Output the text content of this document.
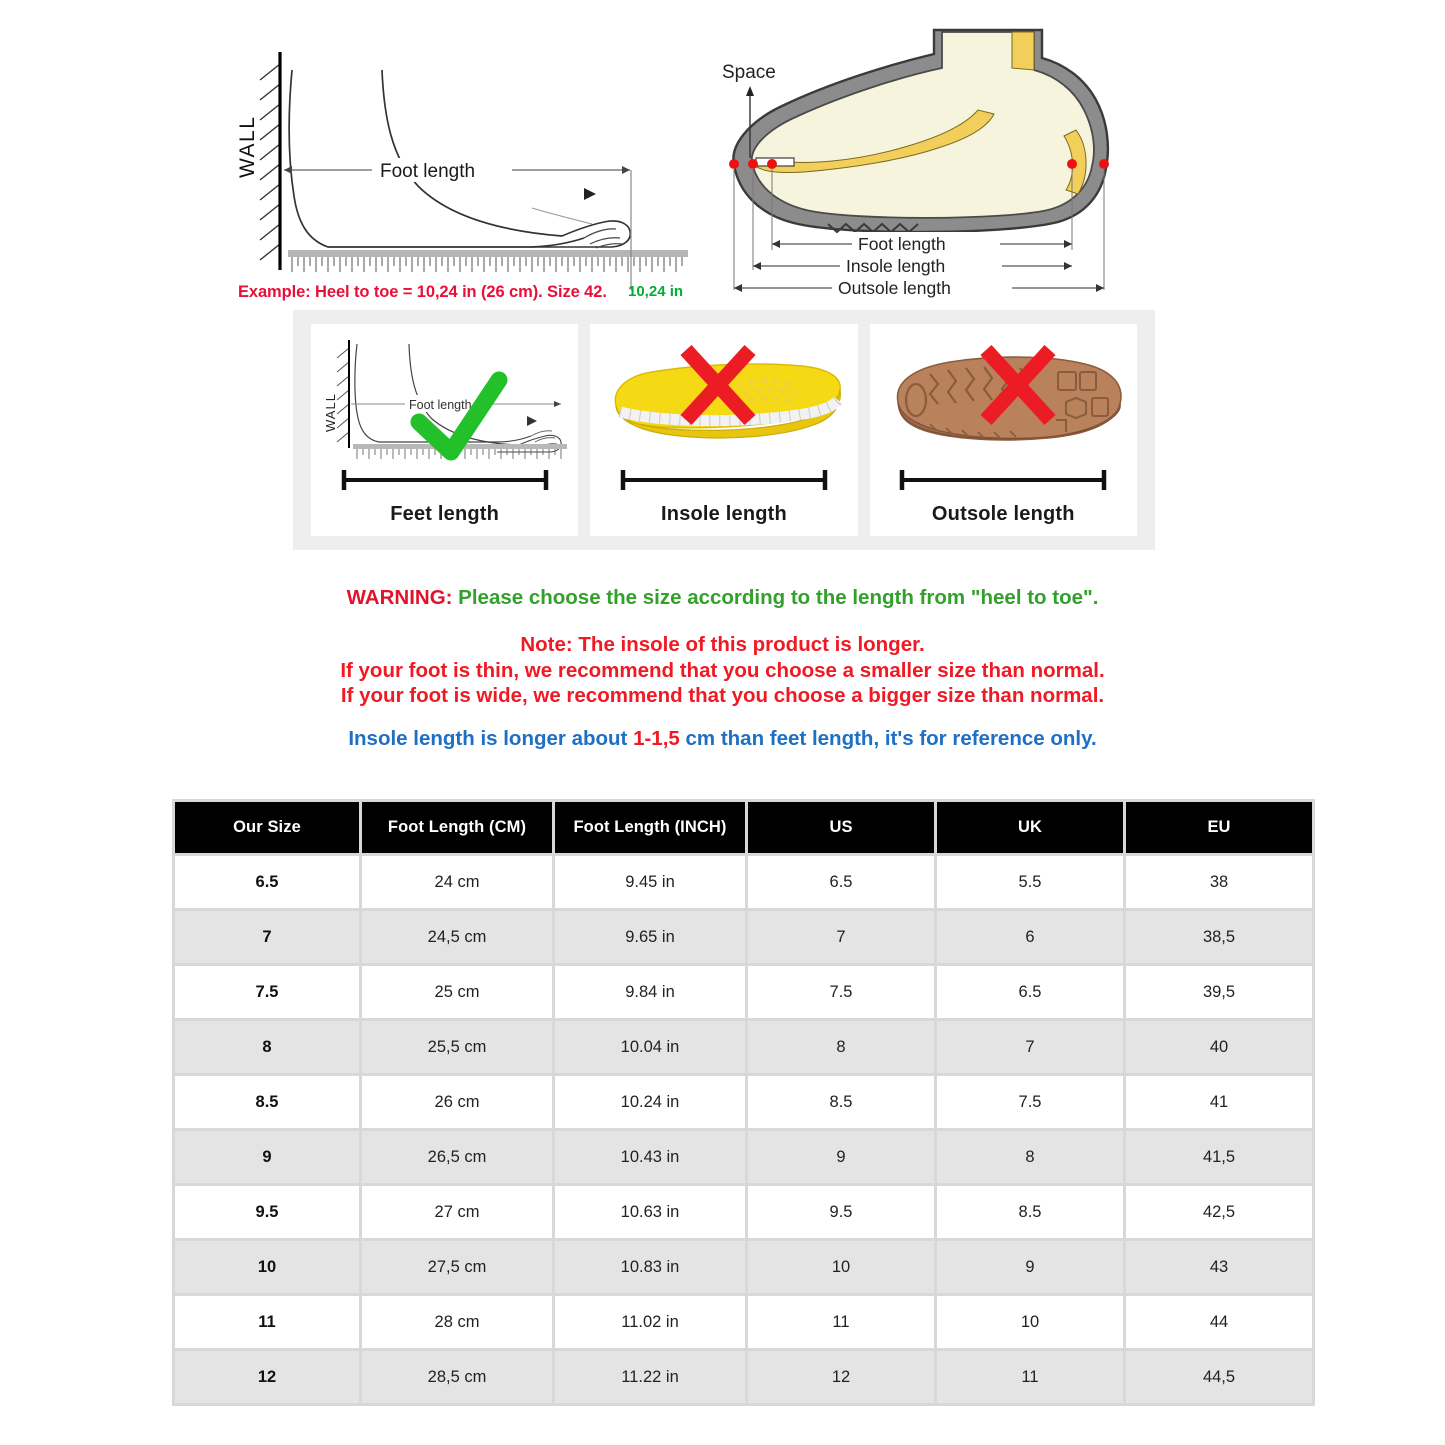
WALL	Foot length
Space
Foot length
Insole length
Outsole length
Example: Heel to toe = 10,24 in (26 cm). Size 42. 10,24 in
WALL	Foot length
Feet length	Insole length	Outsole length
WARNING: Please choose the size according to the length from "heel to toe".
Note: The insole of this product is longer.
If your foot is thin, we recommend that you choose a smaller size than normal.
If your foot is wide, we recommend that you choose a bigger size than normal.
Insole length is longer about 1-1,5 cm than feet length, it's for reference only.
Our Size	Foot Length (CM)	Foot Length (INCH)	US	UK	EU
6.5	24 cm	9.45 in	6.5	5.5	38
7	24,5 cm	9.65 in	7	6	38,5
7.5	25 cm	9.84 in	7.5	6.5	39,5
8	25,5 cm	10.04 in	8	7	40
8.5	26 cm	10.24 in	8.5	7.5	41
9	26,5 cm	10.43 in	9	8	41,5
9.5	27 cm	10.63 in	9.5	8.5	42,5
10	27,5 cm	10.83 in	10	9	43
11	28 cm	11.02 in	11	10	44
12	28,5 cm	11.22 in	12	11	44,5
